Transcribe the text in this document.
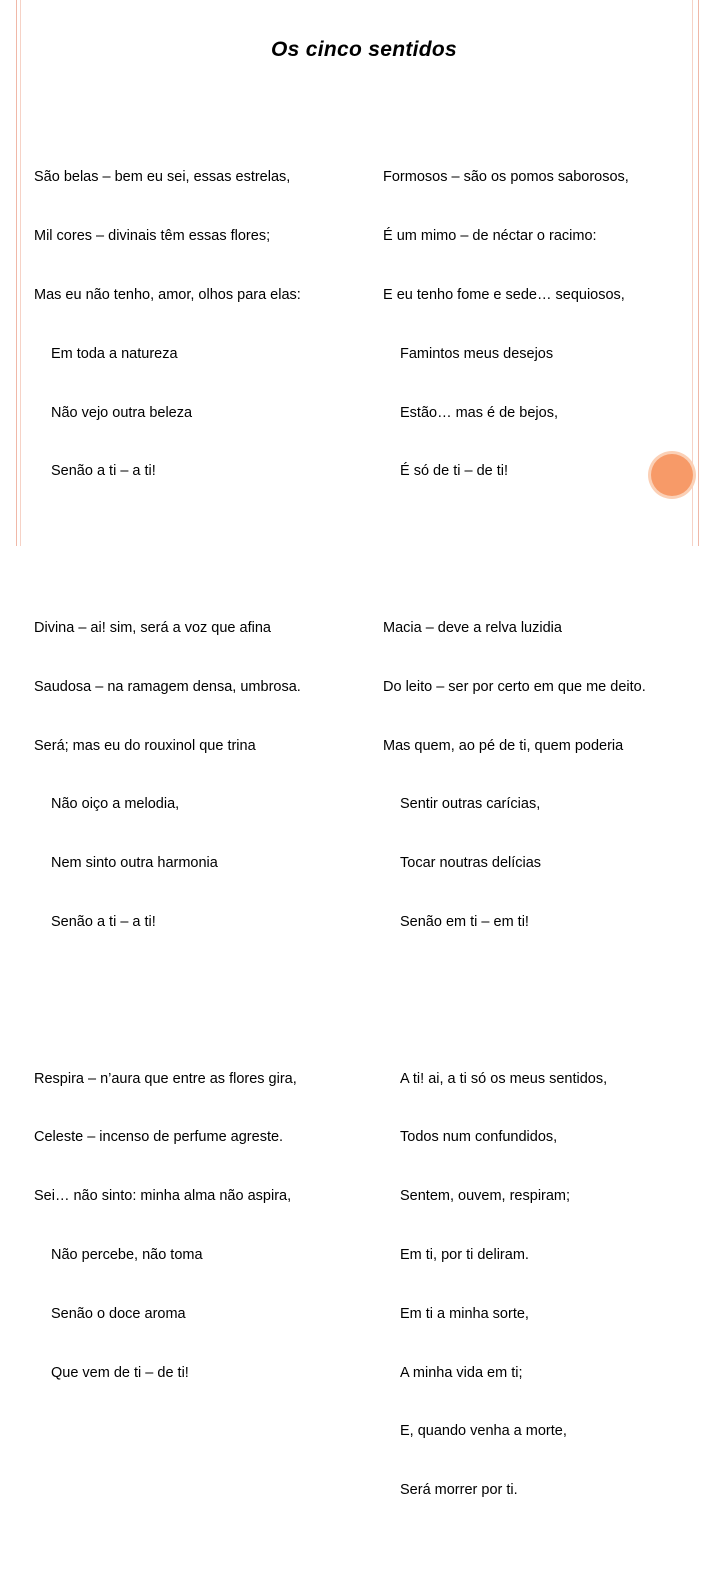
Os cinco sentidos

São belas – bem eu sei, essas estrelas,

Mil cores – divinais têm essas flores;

Mas eu não tenho, amor, olhos para elas:

Em toda a natureza

Não vejo outra beleza

Senão a ti – a ti!

Divina – ai! sim, será a voz que afina

Saudosa – na ramagem densa, umbrosa.

Será; mas eu do rouxinol que trina

Não oiço a melodia,

Nem sinto outra harmonia

Senão a ti – a ti!

Respira – n’aura que entre as flores gira,

Celeste – incenso de perfume agreste.

Sei… não sinto: minha alma não aspira,

Não percebe, não toma

Senão o doce aroma

Que vem de ti – de ti!

Formosos – são os pomos saborosos,

É um mimo – de néctar o racimo:

E eu tenho fome e sede… sequiosos,

Famintos meus desejos

Estão… mas é de bejos,

É só de ti – de ti!

Macia – deve a relva luzidia

Do leito – ser por certo em que me deito.

Mas quem, ao pé de ti, quem poderia

Sentir outras carícias,

Tocar noutras delícias

Senão em ti – em ti!

A ti! ai, a ti só os meus sentidos,

Todos num confundidos,

Sentem, ouvem, respiram;

Em ti, por ti deliram.

Em ti a minha sorte,

A minha vida em ti;

E, quando venha a morte,

Será morrer por ti.
